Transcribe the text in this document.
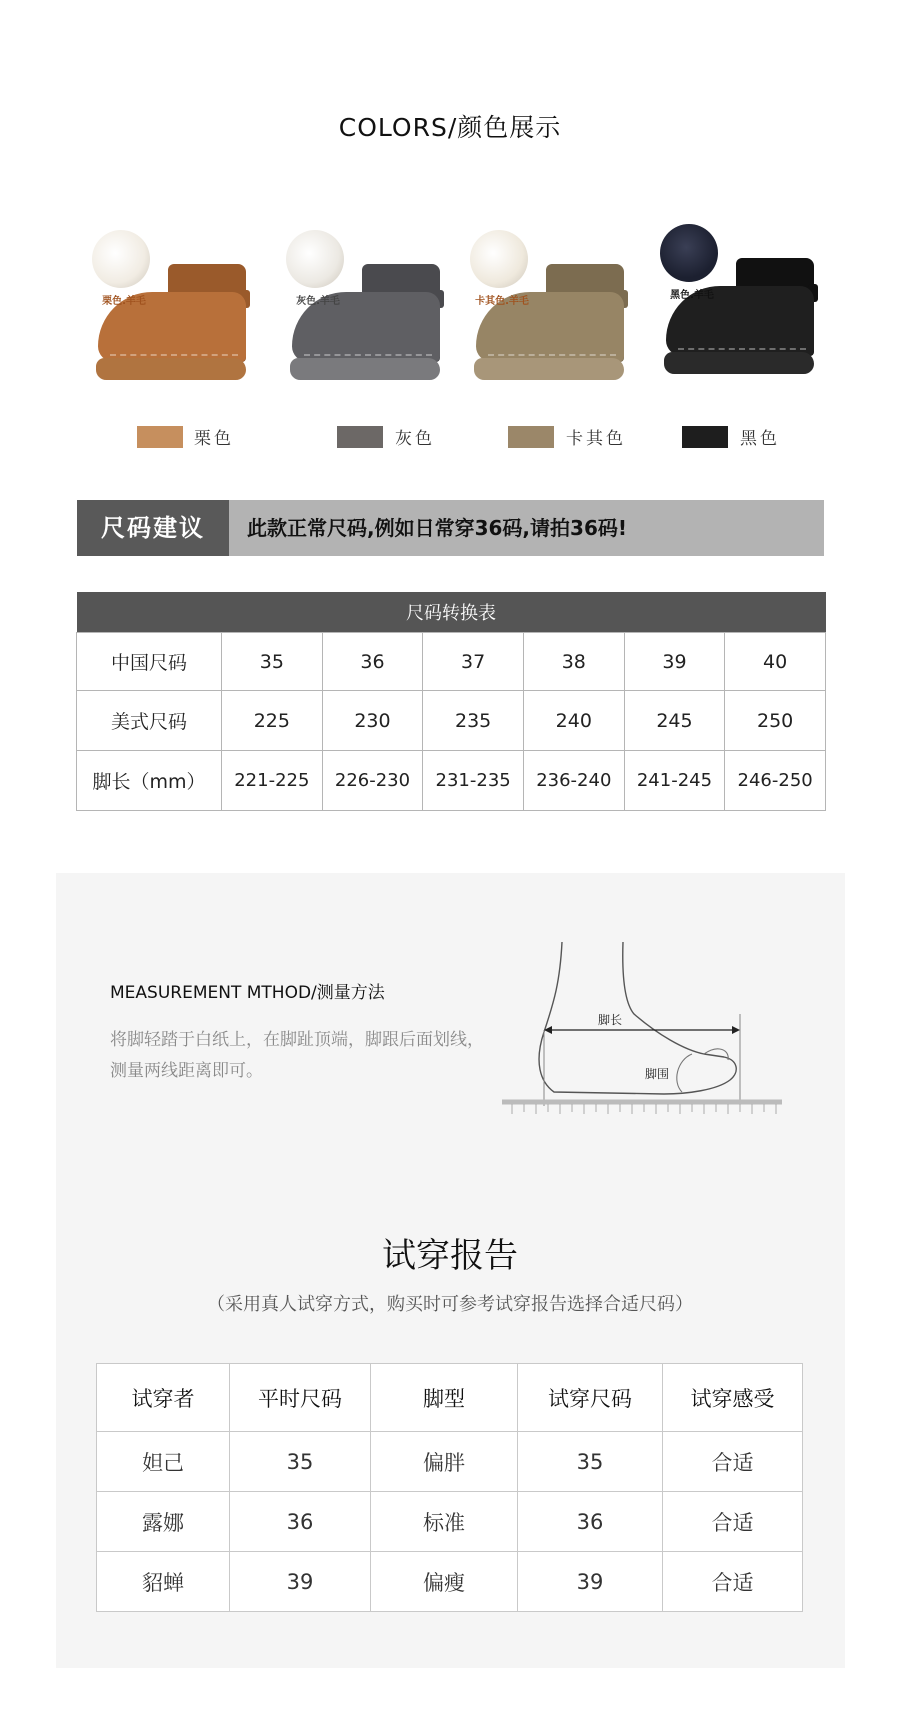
COLORS/颜色展示
栗色.羊毛	灰色.羊毛	卡其色.羊毛
黑色.羊毛
栗色	灰色	卡其色	黑色
尺码建议	此款正常尺码,例如日常穿36码,请拍36码!
尺码转换表						
中国尺码	35	36	37	38	39	40
美式尺码	225	230	235	240	245	250
脚长（mm）	221-225	226-230	231-235	236-240	241-245	246-250
MEASUREMENT MTHOD/测量方法
将脚轻踏于白纸上，在脚趾顶端，脚跟后面划线，测量两线距离即可。
脚长
脚围
试穿报告
（采用真人试穿方式，购买时可参考试穿报告选择合适尺码）
试穿者	平时尺码	脚型	试穿尺码	试穿感受
妲己	35	偏胖	35	合适
露娜	36	标准	36	合适
貂蝉	39	偏瘦	39	合适
